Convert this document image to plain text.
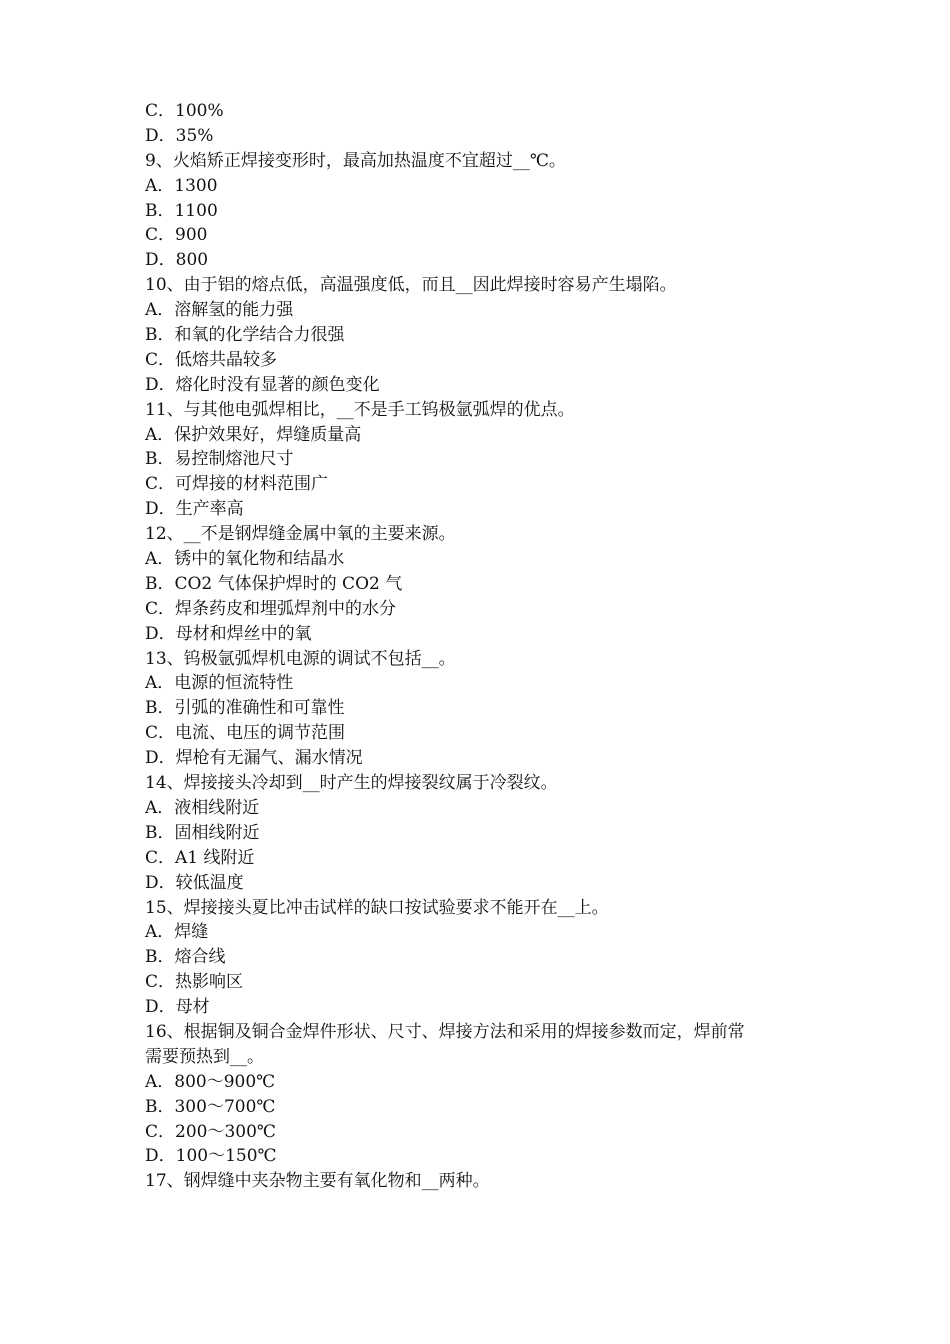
C．100%
D．35%
9、火焰矫正焊接变形时，最高加热温度不宜超过__℃。
A．1300
B．1100
C．900
D．800
10、由于铝的熔点低，高温强度低，而且__因此焊接时容易产生塌陷。
A．溶解氢的能力强
B．和氧的化学结合力很强
C．低熔共晶较多
D．熔化时没有显著的颜色变化
11、与其他电弧焊相比，__不是手工钨极氩弧焊的优点。
A．保护效果好，焊缝质量高
B．易控制熔池尺寸
C．可焊接的材料范围广
D．生产率高
12、__不是钢焊缝金属中氧的主要来源。
A．锈中的氧化物和结晶水
B．CO2 气体保护焊时的 CO2 气
C．焊条药皮和埋弧焊剂中的水分
D．母材和焊丝中的氧
13、钨极氩弧焊机电源的调试不包括__。
A．电源的恒流特性
B．引弧的准确性和可靠性
C．电流、电压的调节范围
D．焊枪有无漏气、漏水情况
14、焊接接头冷却到__时产生的焊接裂纹属于冷裂纹。
A．液相线附近
B．固相线附近
C．A1 线附近
D．较低温度
15、焊接接头夏比冲击试样的缺口按试验要求不能开在__上。
A．焊缝
B．熔合线
C．热影响区
D．母材
16、根据铜及铜合金焊件形状、尺寸、焊接方法和采用的焊接参数而定，焊前常
需要预热到__。
A．800～900℃
B．300～700℃
C．200～300℃
D．100～150℃
17、钢焊缝中夹杂物主要有氧化物和__两种。
